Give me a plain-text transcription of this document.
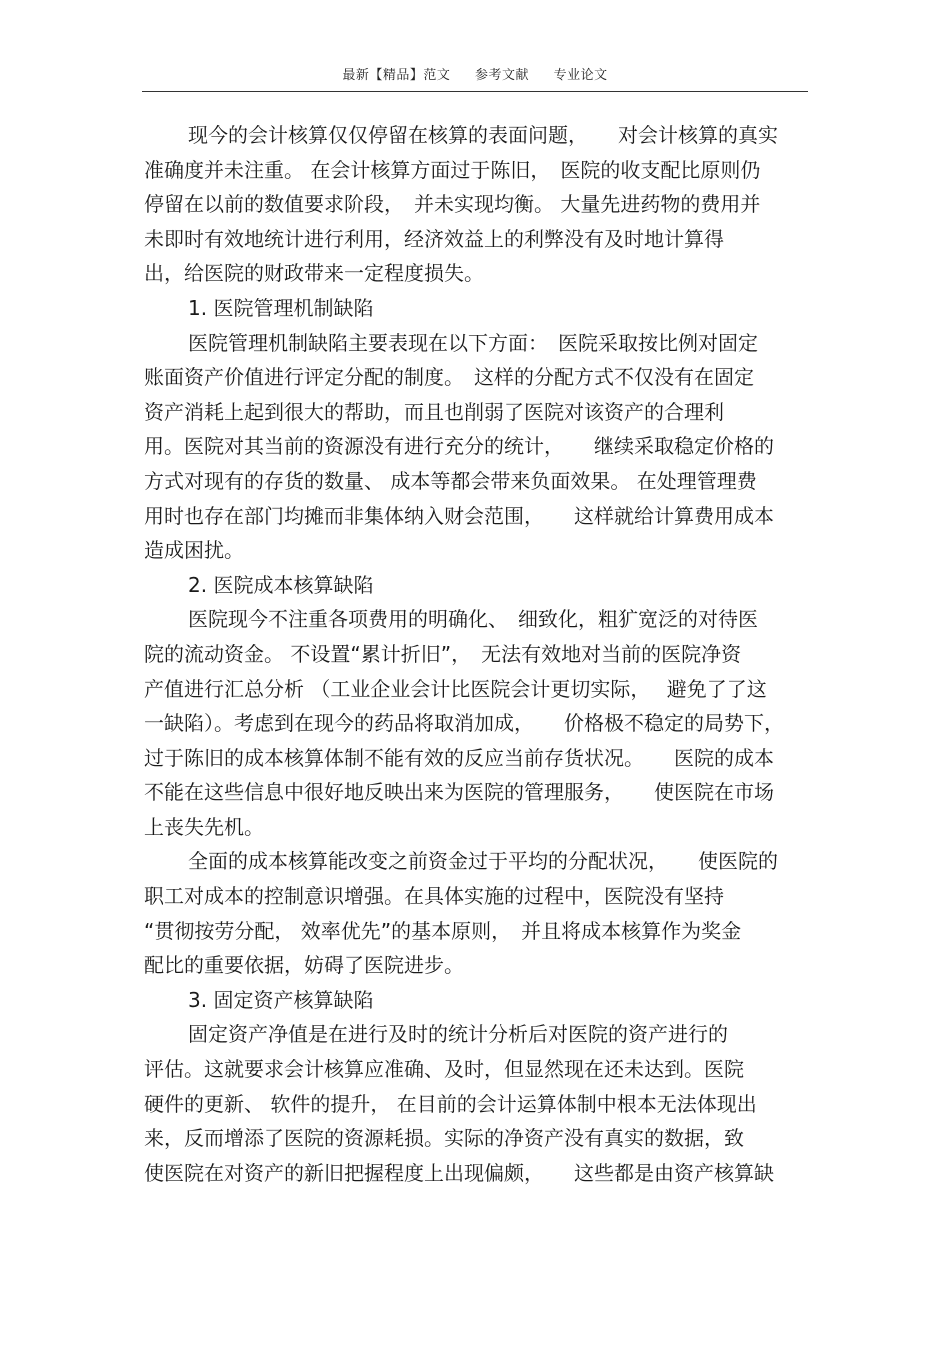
最新【精品】范文 参考文献 专业论文
现今的会计核算仅仅停留在核算的表面问题，　　对会计核算的真实
准确度并未注重。 在会计核算方面过于陈旧，　医院的收支配比原则仍
停留在以前的数值要求阶段，　并未实现均衡。 大量先进药物的费用并
未即时有效地统计进行利用，经济效益上的利弊没有及时地计算得
出，给医院的财政带来一定程度损失。
1. 医院管理机制缺陷
医院管理机制缺陷主要表现在以下方面：　医院采取按比例对固定
账面资产价值进行评定分配的制度。　这样的分配方式不仅没有在固定
资产消耗上起到很大的帮助，而且也削弱了医院对该资产的合理利
用。医院对其当前的资源没有进行充分的统计，　　继续采取稳定价格的
方式对现有的存货的数量、 成本等都会带来负面效果。 在处理管理费
用时也存在部门均摊而非集体纳入财会范围，　　这样就给计算费用成本
造成困扰。
2. 医院成本核算缺陷
医院现今不注重各项费用的明确化、　细致化，粗犷宽泛的对待医
院的流动资金。 不设置“累计折旧”，　无法有效地对当前的医院净资
产值进行汇总分析 （工业企业会计比医院会计更切实际，　 避免了了这
一缺陷）。考虑到在现今的药品将取消加成，　　价格极不稳定的局势下，
过于陈旧的成本核算体制不能有效的反应当前存货状况。　　医院的成本
不能在这些信息中很好地反映出来为医院的管理服务，　　使医院在市场
上丧失先机。
全面的成本核算能改变之前资金过于平均的分配状况，　　使医院的
职工对成本的控制意识增强。在具体实施的过程中，医院没有坚持
“贯彻按劳分配， 效率优先”的基本原则，　并且将成本核算作为奖金
配比的重要依据，妨碍了医院进步。
3. 固定资产核算缺陷
固定资产净值是在进行及时的统计分析后对医院的资产进行的
评估。这就要求会计核算应准确、及时，但显然现在还未达到。医院
硬件的更新、 软件的提升， 在目前的会计运算体制中根本无法体现出
来，反而增添了医院的资源耗损。实际的净资产没有真实的数据，致
使医院在对资产的新旧把握程度上出现偏颇，　　这些都是由资产核算缺
